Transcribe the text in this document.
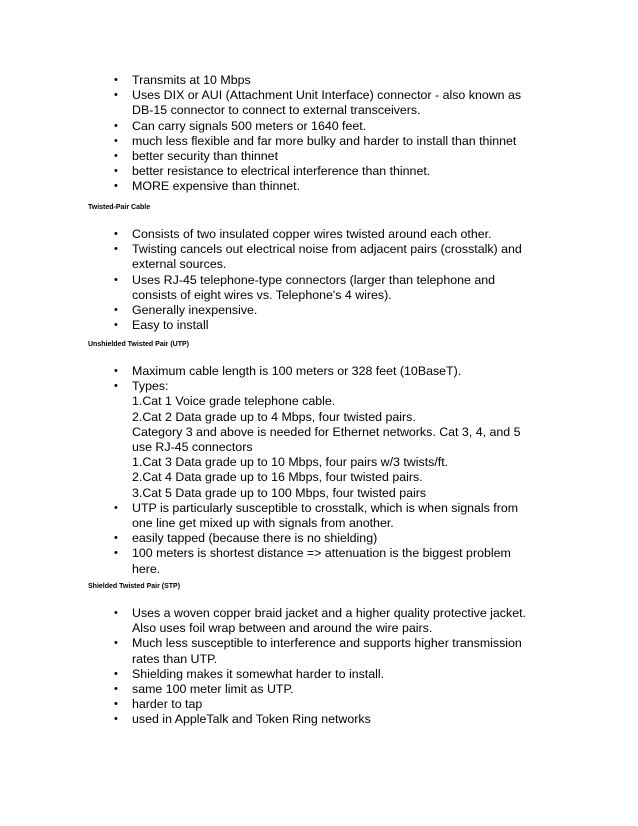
• Transmits at 10 Mbps
• Uses DIX or AUI (Attachment Unit Interface) connector - also known as
DB-15 connector to connect to external transceivers.
• Can carry signals 500 meters or 1640 feet.
• much less flexible and far more bulky and harder to install than thinnet
• better security than thinnet
• better resistance to electrical interference than thinnet.
• MORE expensive than thinnet.
Twisted-Pair Cable
• Consists of two insulated copper wires twisted around each other.
• Twisting cancels out electrical noise from adjacent pairs (crosstalk) and
external sources.
• Uses RJ-45 telephone-type connectors (larger than telephone and
consists of eight wires vs. Telephone's 4 wires).
• Generally inexpensive.
• Easy to install
Unshielded Twisted Pair (UTP)
• Maximum cable length is 100 meters or 328 feet (10BaseT).
• Types:
1.Cat 1 Voice grade telephone cable.
2.Cat 2 Data grade up to 4 Mbps, four twisted pairs.
Category 3 and above is needed for Ethernet networks. Cat 3, 4, and 5
use RJ-45 connectors
1.Cat 3 Data grade up to 10 Mbps, four pairs w/3 twists/ft.
2.Cat 4 Data grade up to 16 Mbps, four twisted pairs.
3.Cat 5 Data grade up to 100 Mbps, four twisted pairs
• UTP is particularly susceptible to crosstalk, which is when signals from
one line get mixed up with signals from another.
• easily tapped (because there is no shielding)
• 100 meters is shortest distance => attenuation is the biggest problem
here.
Shielded Twisted Pair (STP)
• Uses a woven copper braid jacket and a higher quality protective jacket.
Also uses foil wrap between and around the wire pairs.
• Much less susceptible to interference and supports higher transmission
rates than UTP.
• Shielding makes it somewhat harder to install.
• same 100 meter limit as UTP.
• harder to tap
• used in AppleTalk and Token Ring networks
